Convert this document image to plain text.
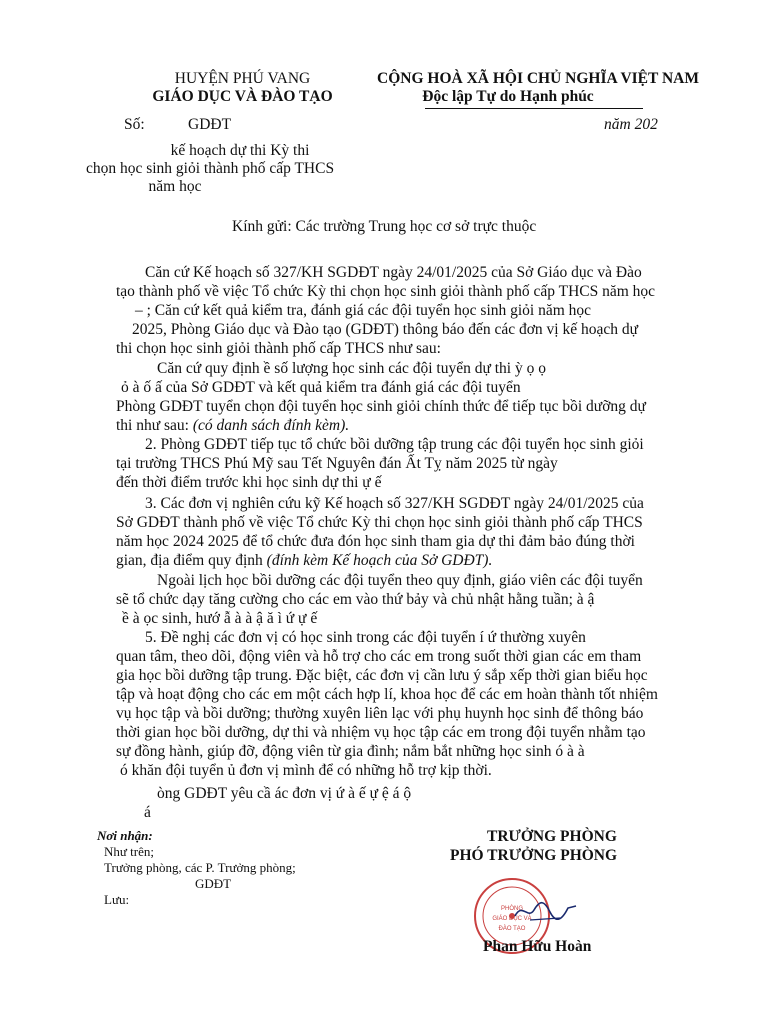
HUYỆN PHÚ VANG
GIÁO DỤC VÀ ĐÀO TẠO
CỘNG HOÀ XÃ HỘI CHỦ NGHĨA VIỆT NAM
Độc lập Tự do Hạnh phúc
Số:	GDĐT	năm 202
kế hoạch dự thi Kỳ thi
chọn học sinh giỏi thành phố cấp THCS
năm học
Kính gửi: Các trường Trung học cơ sở trực thuộc
Căn cứ Kế hoạch số 327/KH SGDĐT ngày 24/01/2025 của Sở Giáo dục và Đào
tạo thành phố về việc Tổ chức Kỳ thi chọn học sinh giỏi thành phố cấp THCS năm học
– ; Căn cứ kết quả kiểm tra, đánh giá các đội tuyển học sinh giỏi năm học
2025, Phòng Giáo dục và Đào tạo (GDĐT) thông báo đến các đơn vị kế hoạch dự
thi chọn học sinh giỏi thành phố cấp THCS như sau:
Căn cứ quy định ề số lượng học sinh các đội tuyển dự thi ỳ ọ ọ
ỏ à ố ấ của Sở GDĐT và kết quả kiểm tra đánh giá các đội tuyển
Phòng GDĐT tuyển chọn đội tuyển học sinh giỏi chính thức để tiếp tục bồi dưỡng dự
thi như sau: (có danh sách đính kèm).
2. Phòng GDĐT tiếp tục tổ chức bồi dưỡng tập trung các đội tuyển học sinh giỏi
tại trường THCS Phú Mỹ sau Tết Nguyên đán Ất Tỵ năm 2025 từ ngày
đến thời điểm trước khi học sinh dự thi ự ế
3. Các đơn vị nghiên cứu kỹ Kế hoạch số 327/KH SGDĐT ngày 24/01/2025 của
Sở GDĐT thành phố về việc Tổ chức Kỳ thi chọn học sinh giỏi thành phố cấp THCS
năm học 2024 2025 để tổ chức đưa đón học sinh tham gia dự thi đảm bảo đúng thời
gian, địa điểm quy định (đính kèm Kế hoạch của Sở GDĐT).
Ngoài lịch học bồi dưỡng các đội tuyển theo quy định, giáo viên các đội tuyển
sẽ tổ chức dạy tăng cường cho các em vào thứ bảy và chủ nhật hằng tuần; à ậ
ề à ọc sinh, hướ ẫ à à ậ ă ì ứ ự ế
5. Đề nghị các đơn vị có học sinh trong các đội tuyển í ứ thường xuyên
quan tâm, theo dõi, động viên và hỗ trợ cho các em trong suốt thời gian các em tham
gia học bồi dưỡng tập trung. Đặc biệt, các đơn vị cần lưu ý sắp xếp thời gian biểu học
tập và hoạt động cho các em một cách hợp lí, khoa học để các em hoàn thành tốt nhiệm
vụ học tập và bồi dưỡng; thường xuyên liên lạc với phụ huynh học sinh để thông báo
thời gian học bồi dưỡng, dự thi và nhiệm vụ học tập các em trong đội tuyển nhằm tạo
sự đồng hành, giúp đỡ, động viên từ gia đình; nắm bắt những học sinh ó à à
ó khăn đội tuyển ủ đơn vị mình để có những hỗ trợ kịp thời.
òng GDĐT yêu cầ ác đơn vị ứ à ế ự ệ á ộ
á
Nơi nhận:
Như trên;
Trưởng phòng, các P. Trưởng phòng;
GDĐT
Lưu:
TRƯỞNG PHÒNG
PHÓ TRƯỞNG PHÒNG
PHÒNG
GIÁO DỤC VÀ
ĐÀO TẠO
Phan Hữu Hoàn
